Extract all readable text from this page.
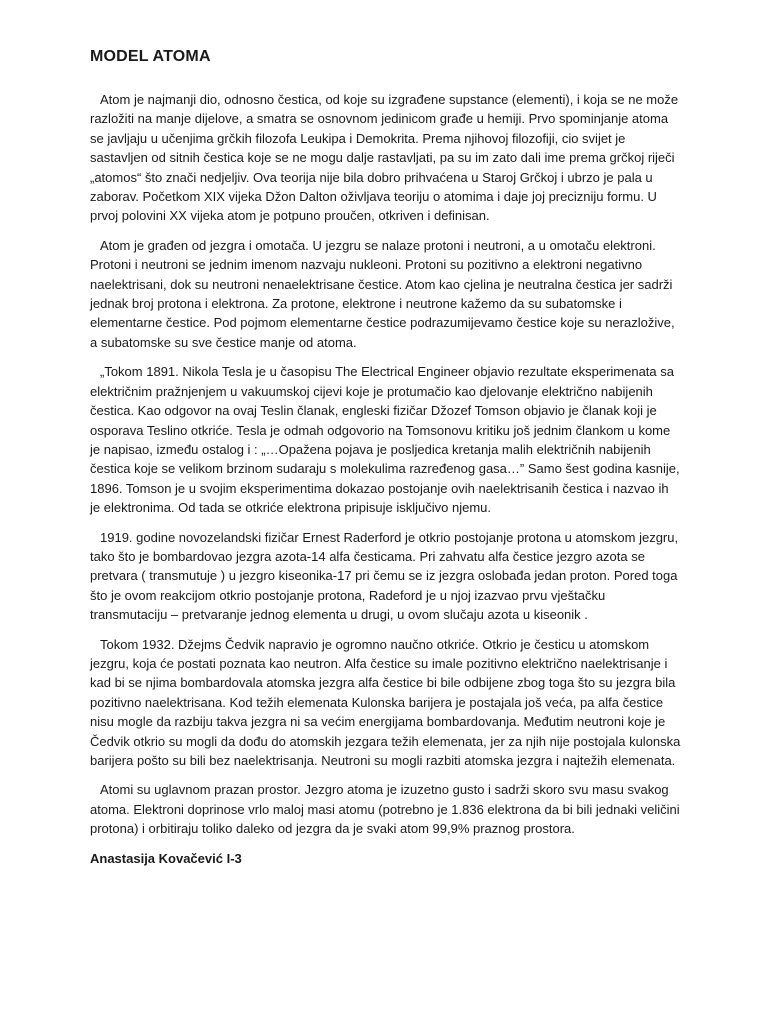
MODEL ATOMA

Atom je najmanji dio, odnosno čestica, od koje su izgrađene supstance (elementi), i koja se ne može razložiti na manje dijelove, a smatra se osnovnom jedinicom građe u hemiji. Prvo spominjanje atoma se javljaju u učenjima grčkih filozofa Leukipa i Demokrita. Prema njihovoj filozofiji, cio svijet je sastavljen od sitnih čestica koje se ne mogu dalje rastavljati, pa su im zato dali ime prema grčkoj riječi „atomos“ što znači nedjeljiv. Ova teorija nije bila dobro prihvaćena u Staroj Grčkoj i ubrzo je pala u zaborav. Početkom XIX vijeka Džon Dalton oživljava teoriju o atomima i daje joj precizniju formu. U prvoj polovini XX vijeka atom je potpuno proučen, otkriven i definisan.

Atom je građen od jezgra i omotača. U jezgru se nalaze protoni i neutroni, a u omotaču elektroni. Protoni i neutroni se jednim imenom nazvaju nukleoni. Protoni su pozitivno a elektroni negativno naelektrisani, dok su neutroni nenaelektrisane čestice. Atom kao cjelina je neutralna čestica jer sadrži jednak broj protona i elektrona. Za protone, elektrone i neutrone kažemo da su subatomske i elementarne čestice. Pod pojmom elementarne čestice podrazumijevamo čestice koje su nerazložive, a subatomske su sve čestice manje od atoma.

„Tokom 1891. Nikola Tesla je u časopisu The Electrical Engineer objavio rezultate eksperimenata sa električnim pražnjenjem u vakuumskoj cijevi koje je protumačio kao djelovanje električno nabijenih čestica. Kao odgovor na ovaj Teslin članak, engleski fizičar Džozef Tomson objavio je članak koji je osporava Teslino otkriće. Tesla je odmah odgovorio na Tomsonovu kritiku još jednim člankom u kome je napisao, između ostalog i : „…Opažena pojava je posljedica kretanja malih električnih nabijenih čestica koje se velikom brzinom sudaraju s molekulima razređenog gasa…” Samo šest godina kasnije, 1896. Tomson je u svojim eksperimentima dokazao postojanje ovih naelektrisanih čestica i nazvao ih je elektronima. Od tada se otkriće elektrona pripisuje isključivo njemu.

1919. godine novozelandski fizičar Ernest Raderford je otkrio postojanje protona u atomskom jezgru, tako što je bombardovao jezgra azota-14 alfa česticama. Pri zahvatu alfa čestice jezgro azota se pretvara ( transmutuje ) u jezgro kiseonika-17 pri čemu se iz jezgra oslobađa jedan proton. Pored toga što je ovom reakcijom otkrio postojanje protona, Radeford je u njoj izazvao prvu vještačku transmutaciju – pretvaranje jednog elementa u drugi, u ovom slučaju azota u kiseonik .

Tokom 1932. Džejms Čedvik napravio je ogromno naučno otkriće. Otkrio je česticu u atomskom jezgru, koja će postati poznata kao neutron. Alfa čestice su imale pozitivno električno naelektrisanje i kad bi se njima bombardovala atomska jezgra alfa čestice bi bile odbijene zbog toga što su jezgra bila pozitivno naelektrisana. Kod težih elemenata Kulonska barijera je postajala još veća, pa alfa čestice nisu mogle da razbiju takva jezgra ni sa većim energijama bombardovanja. Međutim neutroni koje je Čedvik otkrio su mogli da dođu do atomskih jezgara težih elemenata, jer za njih nije postojala kulonska barijera pošto su bili bez naelektrisanja. Neutroni su mogli razbiti atomska jezgra i najtežih elemenata.

Atomi su uglavnom prazan prostor. Jezgro atoma je izuzetno gusto i sadrži skoro svu masu svakog atoma. Elektroni doprinose vrlo maloj masi atomu (potrebno je 1.836 elektrona da bi bili jednaki veličini protona) i orbitiraju toliko daleko od jezgra da je svaki atom 99,9% praznog prostora.

Anastasija Kovačević I-3
